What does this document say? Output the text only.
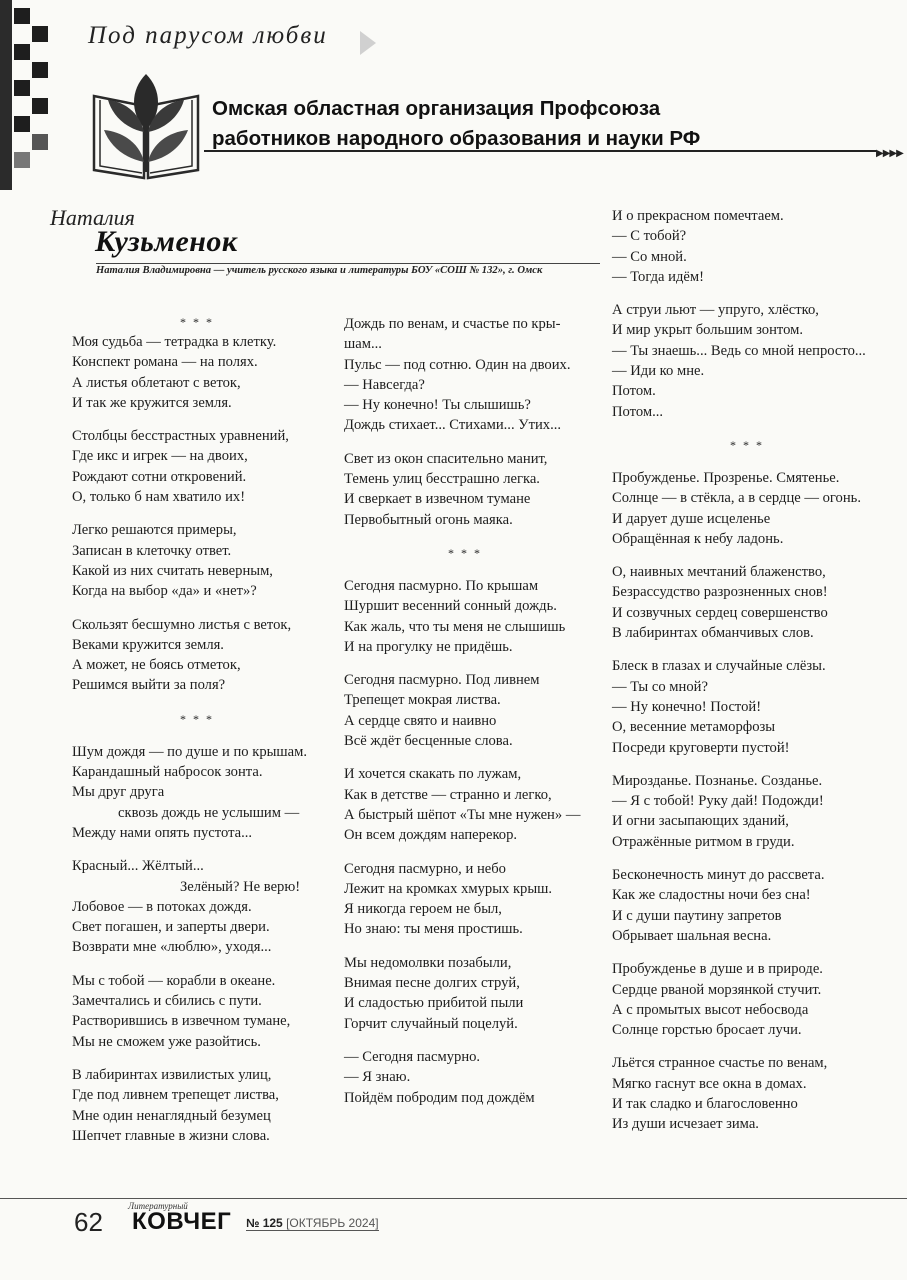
Под парусом любви
Омская областная организация Профсоюза
работников народного образования и науки РФ
▶▶▶▶
Наталия
Кузьменок
Наталия Владимировна — учитель русского языка и литературы БОУ «СОШ № 132», г. Омск
* * *
Моя судьба — тетрадка в клетку.
Конспект романа — на полях.
А листья облетают с веток,
И так же кружится земля.
Столбцы бесстрастных уравнений,
Где икс и игрек — на двоих,
Рождают сотни откровений.
О, только б нам хватило их!
Легко решаются примеры,
Записан в клеточку ответ.
Какой из них считать неверным,
Когда на выбор «да» и «нет»?
Скользят бесшумно листья с веток,
Веками кружится земля.
А может, не боясь отметок,
Решимся выйти за поля?
* * *
Шум дождя — по душе и по крышам.
Карандашный набросок зонта.
Мы друг друга
сквозь дождь не услышим —
Между нами опять пустота...
Красный... Жёлтый...
Зелёный? Не верю!
Лобовое — в потоках дождя.
Свет погашен, и заперты двери.
Возврати мне «люблю», уходя...
Мы с тобой — корабли в океане.
Замечтались и сбились с пути.
Растворившись в извечном тумане,
Мы не сможем уже разойтись.
В лабиринтах извилистых улиц,
Где под ливнем трепещет листва,
Мне один ненаглядный безумец
Шепчет главные в жизни слова.
Дождь по венам, и счастье по кры-
шам...
Пульс — под сотню. Один на двоих.
— Навсегда?
— Ну конечно! Ты слышишь?
Дождь стихает... Стихами... Утих...
Свет из окон спасительно манит,
Темень улиц бесстрашно легка.
И сверкает в извечном тумане
Первобытный огонь маяка.
* * *
Сегодня пасмурно. По крышам
Шуршит весенний сонный дождь.
Как жаль, что ты меня не слышишь
И на прогулку не придёшь.
Сегодня пасмурно. Под ливнем
Трепещет мокрая листва.
А сердце свято и наивно
Всё ждёт бесценные слова.
И хочется скакать по лужам,
Как в детстве — странно и легко,
А быстрый шёпот «Ты мне нужен» —
Он всем дождям наперекор.
Сегодня пасмурно, и небо
Лежит на кромках хмурых крыш.
Я никогда героем не был,
Но знаю: ты меня простишь.
Мы недомолвки позабыли,
Внимая песне долгих струй,
И сладостью прибитой пыли
Горчит случайный поцелуй.
— Сегодня пасмурно.
— Я знаю.
Пойдём побродим под дождём
И о прекрасном помечтаем.
— С тобой?
— Со мной.
— Тогда идём!
А струи льют — упруго, хлёстко,
И мир укрыт большим зонтом.
— Ты знаешь... Ведь со мной непросто...
— Иди ко мне.
Потом.
Потом...
* * *
Пробужденье. Прозренье. Смятенье.
Солнце — в стёкла, а в сердце — огонь.
И дарует душе исцеленье
Обращённая к небу ладонь.
О, наивных мечтаний блаженство,
Безрассудство разрозненных снов!
И созвучных сердец совершенство
В лабиринтах обманчивых слов.
Блеск в глазах и случайные слёзы.
— Ты со мной?
— Ну конечно! Постой!
О, весенние метаморфозы
Посреди круговерти пустой!
Мирозданье. Познанье. Созданье.
— Я с тобой! Руку дай! Подожди!
И огни засыпающих зданий,
Отражённые ритмом в груди.
Бесконечность минут до рассвета.
Как же сладостны ночи без сна!
И с души паутину запретов
Обрывает шальная весна.
Пробужденье в душе и в природе.
Сердце рваной морзянкой стучит.
А с промытых высот небосвода
Солнце горстью бросает лучи.
Льётся странное счастье по венам,
Мягко гаснут все окна в домах.
И так сладко и благословенно
Из души исчезает зима.
62
Литературный
КОВЧЕГ № 125 [ОКТЯБРЬ 2024]
